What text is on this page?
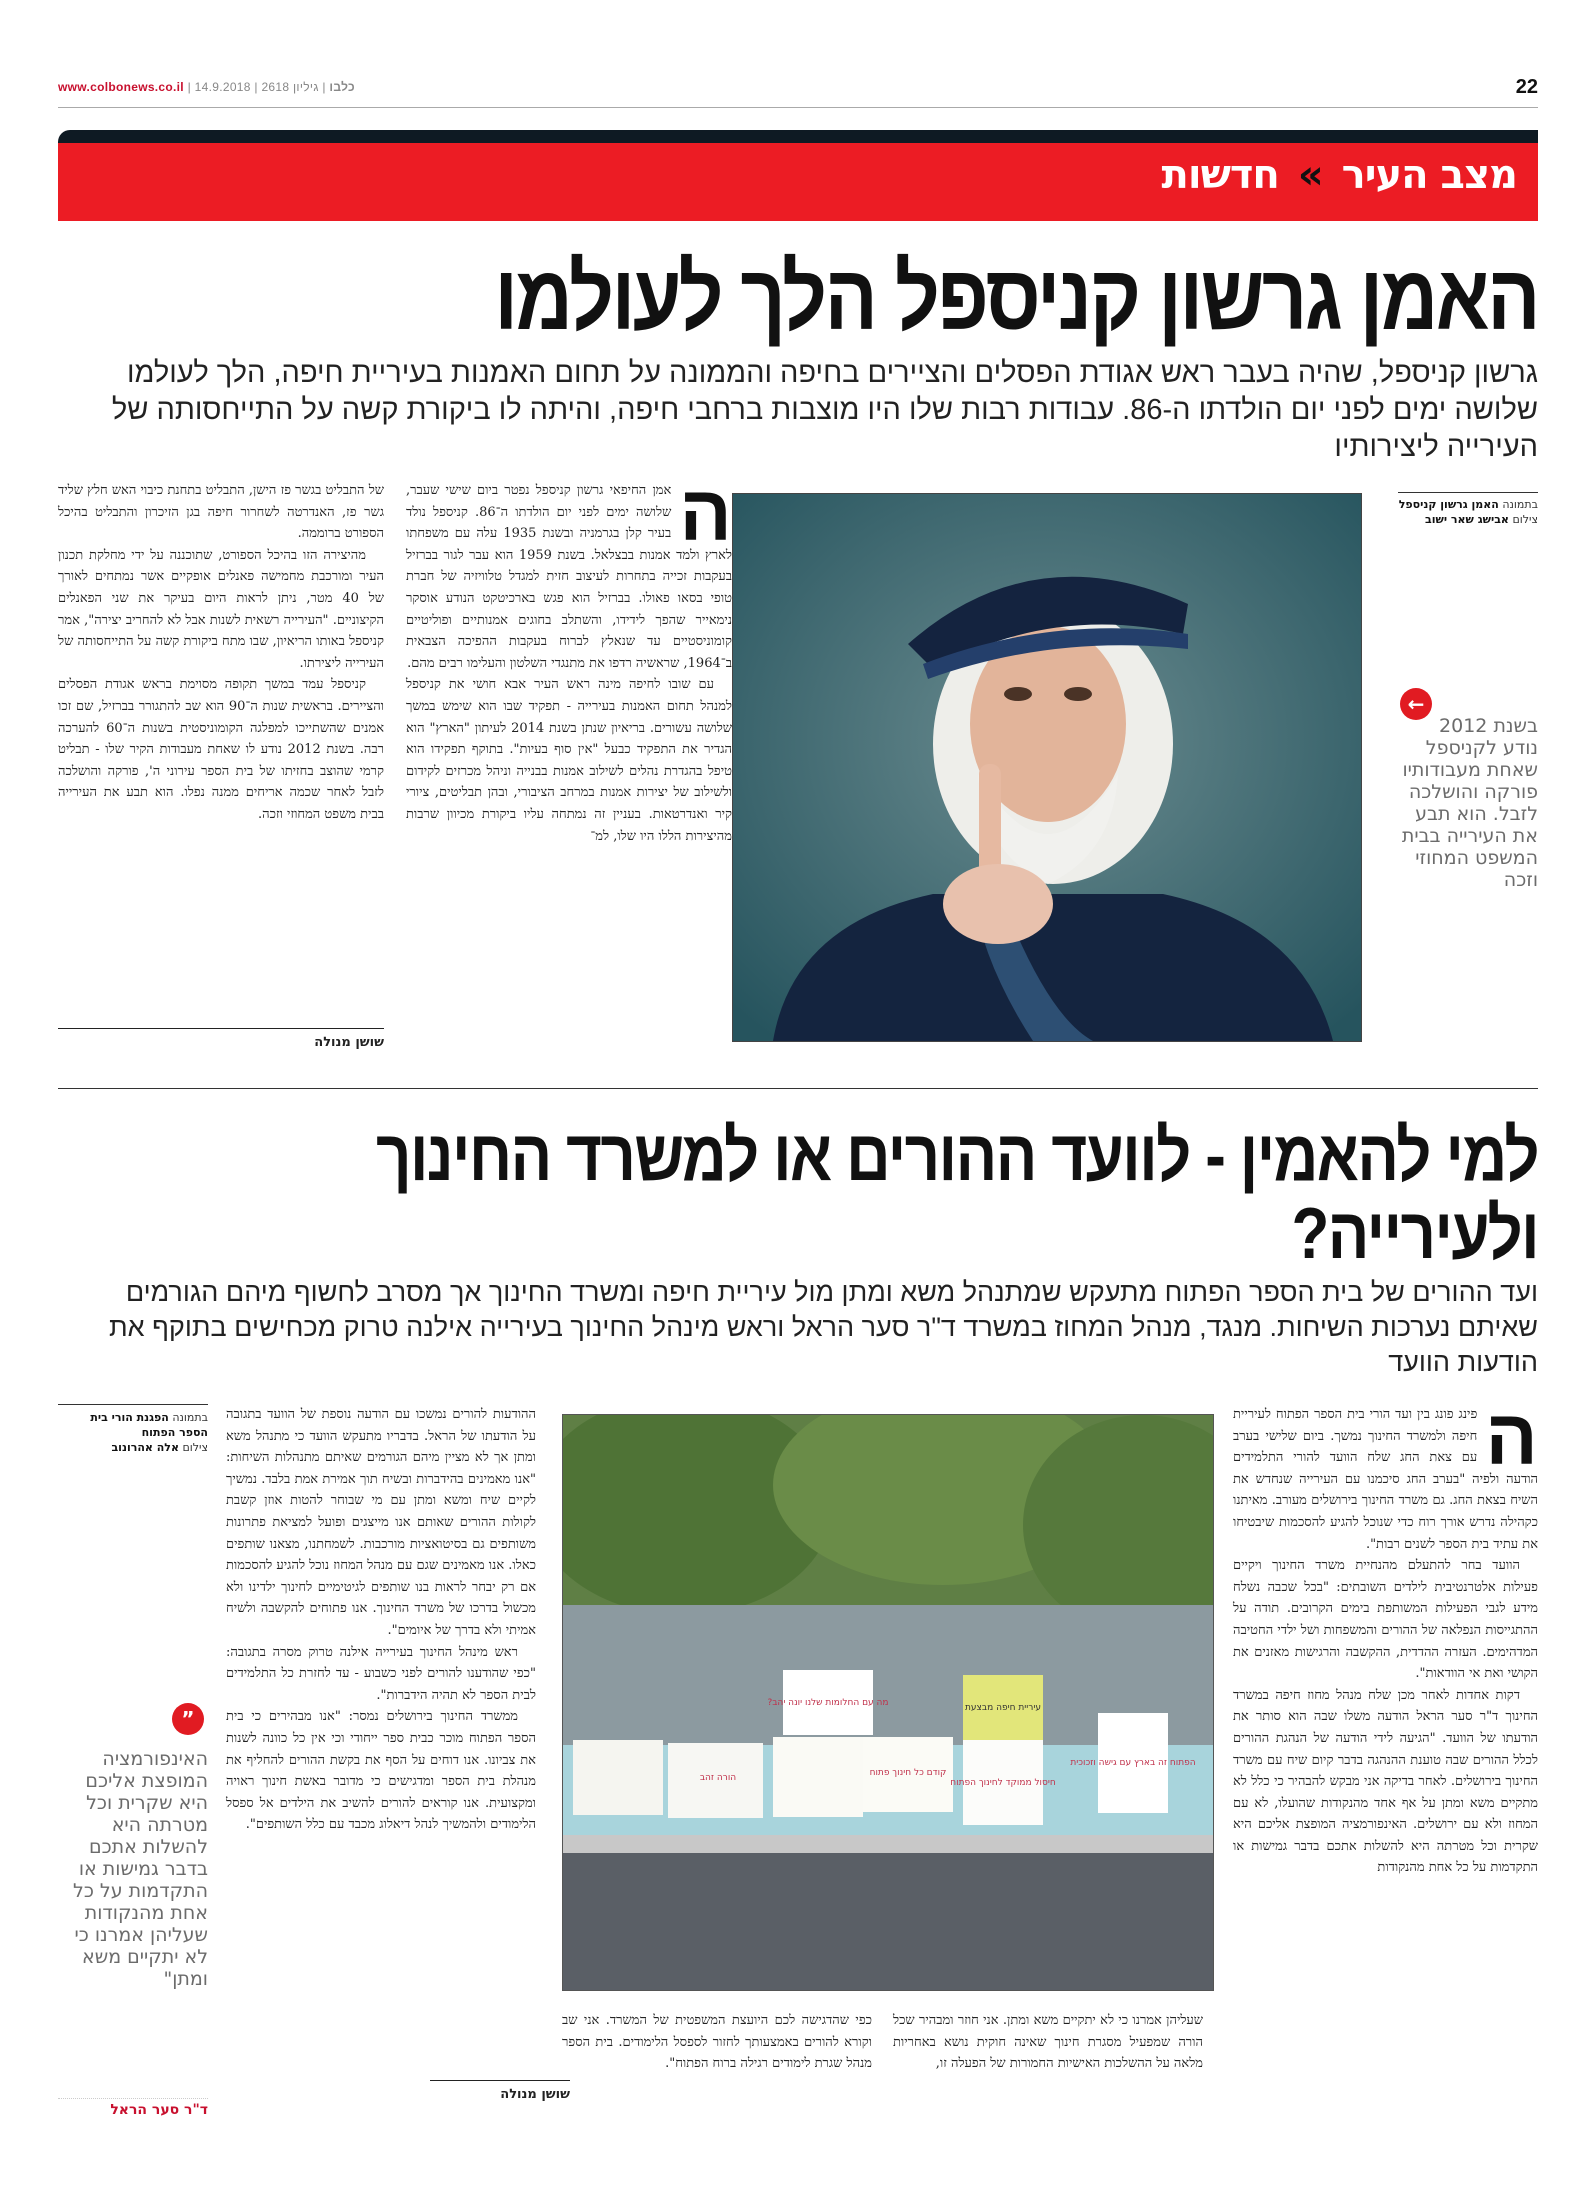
www.colbonews.co.il |	כלבו | גיליון 2618 | 14.9.2018	22
מצב העיר » חדשות
האמן גרשון קניספל הלך לעולמו
גרשון קניספל, שהיה בעבר ראש אגודת הפסלים והציירים בחיפה והממונה על תחום האמנות בעיריית חיפה, הלך לעולמו שלושה ימים לפני יום הולדתו ה-86. עבודות רבות שלו היו מוצבות ברחבי חיפה, והיתה לו ביקורת קשה על התייחסותה של העירייה ליצירותיו
ה

אמן החיפאי גרשון קניספל נפטר ביום שישי שעבר, שלושה ימים לפני יום הולדתו ה־86. קניספל נולד בעיר קלן בגרמניה ובשנת 1935 עלה עם משפחתו לארץ ולמד אמנות בבצלאל. בשנת 1959 הוא עבר לגור בברזיל בעקבות זכייה בתחרות לעיצוב חזית למגדל טלוויזיה של חברת טופי בסאו פאולו. בברזיל הוא פגש בארכיטקט הנודע אוסקר נימאייר שהפך לידידו, והשתלב בחוגים אמנותיים ופוליטיים קומוניסטיים עד שנאלץ לברוח בעקבות ההפיכה הצבאית ב־1964, שראשיה רדפו את מתנגדי השלטון והעלימו רבים מהם.

עם שובו לחיפה מינה ראש העיר אבא חושי את קניספל למנהל תחום האמנות בעירייה - תפקיד שבו הוא שימש במשך שלושה עשורים. בריאיון שנתן בשנת 2014 לעיתון "הארץ" הוא הגדיר את התפקיד כבעל "אין סוף בעיות". בתוקף תפקידו הוא טיפל בהגדרת נהלים לשילוב אמנות בבנייה וניהל מכרזים לקידום ולשילוב של יצירות אמנות במרחב הציבורי, ובהן תבליטים, ציורי קיר ואנדרטאות. בעניין זה נמתחה עליו ביקורת מכיוון שרבות מהיצירות הללו היו שלו, למ־

של התבליט בגשר פז הישן, התבליט בתחנת כיבוי האש חלץ שליד גשר פז, האנדרטה לשחרור חיפה בגן הזיכרון והתבליט בהיכל הספורט ברוממה.

מהיצירה הזו בהיכל הספורט, שתוכננה על ידי מחלקת תכנון העיר ומורכבת מחמישה פאנלים אופקיים אשר נמתחים לאורך של 40 מטר, ניתן לראות היום בעיקר את שני הפאנלים הקיצוניים. "העירייה רשאית לשנות אבל לא להחריב יצירה", אמר קניספל באותו הריאיון, שבו מתח ביקורת קשה על התייחסותה של העירייה ליצירתו.

קניספל עמד במשך תקופה מסוימת בראש אגודת הפסלים והציירים. בראשית שנות ה־90 הוא שב להתגורר בברזיל, שם זכו אמנים שהשתייכו למפלגה הקומוניסטית בשנות ה־60 להערכה רבה. בשנת 2012 נודע לו שאחת מעבודות הקיר שלו - תבליט קרמי שהוצב בחזיתו של בית הספר עירוני ה', פורקה והושלכה לזבל לאחר שכמה אריחים ממנה נפלו. הוא תבע את העירייה בבית משפט המחוזי וזכה.

שושן מנולה
בתמונה האמן גרשון קניספל
צילום אבישג שאר ישוב
←
בשנת 2012 נודע לקניספל שאחת מעבודותיו פורקה והושלכה לזבל. הוא תבע את העירייה בבית המשפט המחוזי וזכה
למי להאמין - לוועד ההורים או למשרד החינוך ולעירייה?
ועד ההורים של בית הספר הפתוח מתעקש שמתנהל משא ומתן מול עיריית חיפה ומשרד החינוך אך מסרב לחשוף מיהם הגורמים שאיתם נערכות השיחות. מנגד, מנהל המחוז במשרד ד"ר סער הראל וראש מינהל החינוך בעירייה אילנה טרוק מכחישים בתוקף את הודעות הוועד
ה

פינג פונג בין ועד הורי בית הספר הפתוח לעיריית חיפה ולמשרד החינוך נמשך. ביום שלישי בערב עם צאת החג שלח הוועד להורי התלמידים הודעה ולפיה "בערב החג סיכמנו עם העירייה שנחדש את השיח בצאת החג. גם משרד החינוך בירושלים מעורב. מאיתנו כקהילה נדרש אורך רוח כדי שנוכל להגיע להסכמות שיבטיחו את עתיד בית הספר לשנים רבות".

הוועד בחר להתעלם מהנחיית משרד החינוך ויקיים פעילות אלטרנטיבית לילדים השובתים: "בכל שכבה נשלח מידע לגבי הפעילות המשותפת בימים הקרובים. תודה על ההתגייסות הנפלאה של ההורים והמשפחות ושל ילדי החטיבה המדהימים. העזרה ההדדית, ההקשבה והרגישות מאזנים את הקושי ואת אי הוודאות".

דקות אחדות לאחר מכן שלח מנהל מחוז חיפה במשרד החינוך ד"ר סער הראל הודעה משלו שבה הוא סותר את הודעתו של הוועד. "הגיעה לידי הודעה של הנהגת ההורים לכלל ההורים שבה טוענת ההנהגה בדבר קיום שיח עם משרד החינוך בירושלים. לאחר בדיקה אני מבקש להבהיר כי כלל לא מתקיים משא ומתן על אף אחד מהנקודות שהועלו, לא עם המחוז ולא עם ירושלים. האינפורמציה המופצת אליכם היא שקרית וכל מטרתה היא להשלות אתכם בדבר גמישות או התקדמות על כל אחת מהנקודות

מה עם החלומות שלנו יונה יהב?	עיריית חיפה מבצעת
קודם כל חינוך פתוח
הפתוח זה בארץ עם גישה וזכוכית
חיסול ממוקד לחינוך הפתוח
הורה זהב

שעליהן אמרנו כי לא יתקיים משא ומתן. אני חוזר ומבהיר שכל הורה שמפעיל מסגרת חינוך שאינה חוקית נושא באחריות מלאה על ההשלכות האישיות החמורות של הפעלה זו,

כפי שהדגישה לכם היועצת המשפטית של המשרד. אני שב וקורא להורים באמצעותך לחזור לספסל הלימודים. בית הספר מנהל שגרת לימודים רגילה ברוח הפתוח".

ההודעות להורים נמשכו עם הודעה נוספת של הוועד בתגובה על הודעתו של הראל. בדבריו מתעקש הוועד כי מתנהל משא ומתן אך לא מציין מיהם הגורמים שאיתם מתנהלות השיחות: "אנו מאמינים בהידברות ובשיח תוך אמירת אמת בלבד. נמשיך לקיים שיח ומשא ומתן עם מי שבוחר להטות אוזן קשבת לקולות ההורים שאותם אנו מייצגים ופועל למציאת פתרונות משותפים גם בסיטואציות מורכבות. לשמחתנו, מצאנו שותפים כאלו. אנו מאמינים שגם עם מנהל המחוז נוכל להגיע להסכמות אם רק יבחר לראות בנו שותפים לגיטימיים לחינוך ילדינו ולא מכשול בדרכו של משרד החינוך. אנו פתוחים להקשבה ולשיח אמיתי ולא בדרך של איומים".

ראש מינהל החינוך בעירייה אילנה טרוק מסרה בתגובה: "כפי שהודענו להורים לפני כשבוע - עד לחזרת כל התלמידים לבית הספר לא תהיה הידברות".

ממשרד החינוך בירושלים נמסר: "אנו מבהירים כי בית הספר הפתוח מוכר כבית ספר ייחודי וכי אין כל כוונה לשנות את צביונו. אנו דוחים על הסף את בקשת ההורים להחליף את מנהלת בית הספר ומדגישים כי מדובר באשת חינוך ראויה ומקצועית. אנו קוראים להורים להשיב את הילדים אל ספסל הלימודים ולהמשיך לנהל דיאלוג מכבד עם כלל השותפים".

שושן מנולה
בתמונה הפגנת הורי בית הספר הפתוח
צילום אלה אהרונוב
”
האינפורמציה המופצת אליכם היא שקרית וכל מטרתה היא להשלות אתכם בדבר גמישות או התקדמות על כל אחת מהנקודות שעליהן אמרנו כי לא יתקיים משא ומתן"
ד"ר סער הראל
